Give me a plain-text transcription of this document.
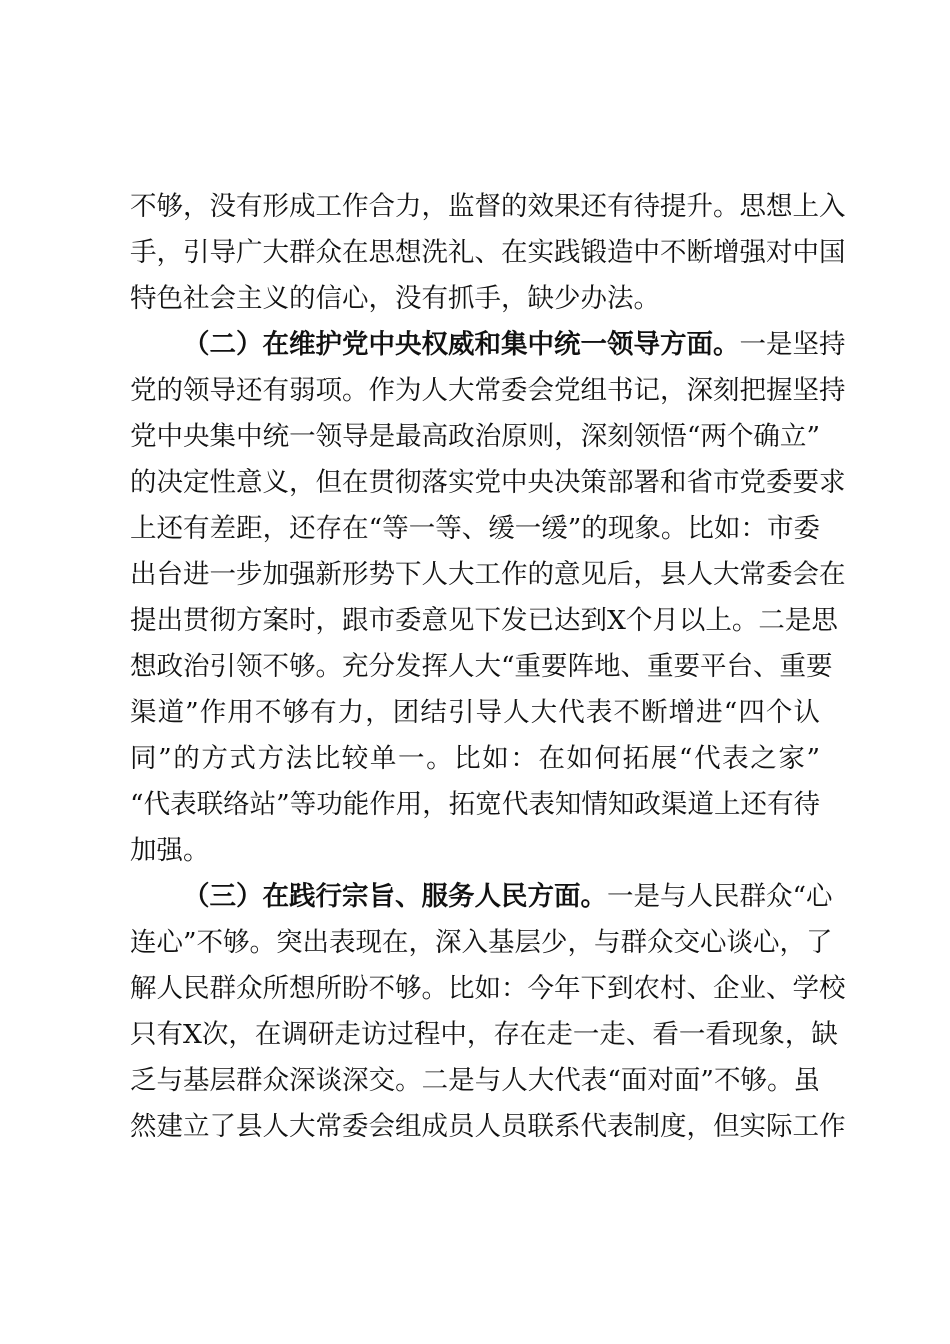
不够，没有形成工作合力，监督的效果还有待提升。思想上入
手，引导广大群众在思想洗礼、在实践锻造中不断增强对中国
特色社会主义的信心，没有抓手，缺少办法。
（二）在维护党中央权威和集中统一领导方面。一是坚持
党的领导还有弱项。作为人大常委会党组书记，深刻把握坚持
党中央集中统一领导是最高政治原则，深刻领悟“两个确立”
的决定性意义，但在贯彻落实党中央决策部署和省市党委要求
上还有差距，还存在“等一等、缓一缓”的现象。比如：市委
出台进一步加强新形势下人大工作的意见后，县人大常委会在
提出贯彻方案时，跟市委意见下发已达到X个月以上。二是思
想政治引领不够。充分发挥人大“重要阵地、重要平台、重要
渠道”作用不够有力，团结引导人大代表不断增进“四个认
同”的方式方法比较单一。比如：在如何拓展“代表之家”
“代表联络站”等功能作用，拓宽代表知情知政渠道上还有待
加强。
（三）在践行宗旨、服务人民方面。一是与人民群众“心
连心”不够。突出表现在，深入基层少，与群众交心谈心，了
解人民群众所想所盼不够。比如：今年下到农村、企业、学校
只有X次，在调研走访过程中，存在走一走、看一看现象，缺
乏与基层群众深谈深交。二是与人大代表“面对面”不够。虽
然建立了县人大常委会组成员人员联系代表制度，但实际工作
